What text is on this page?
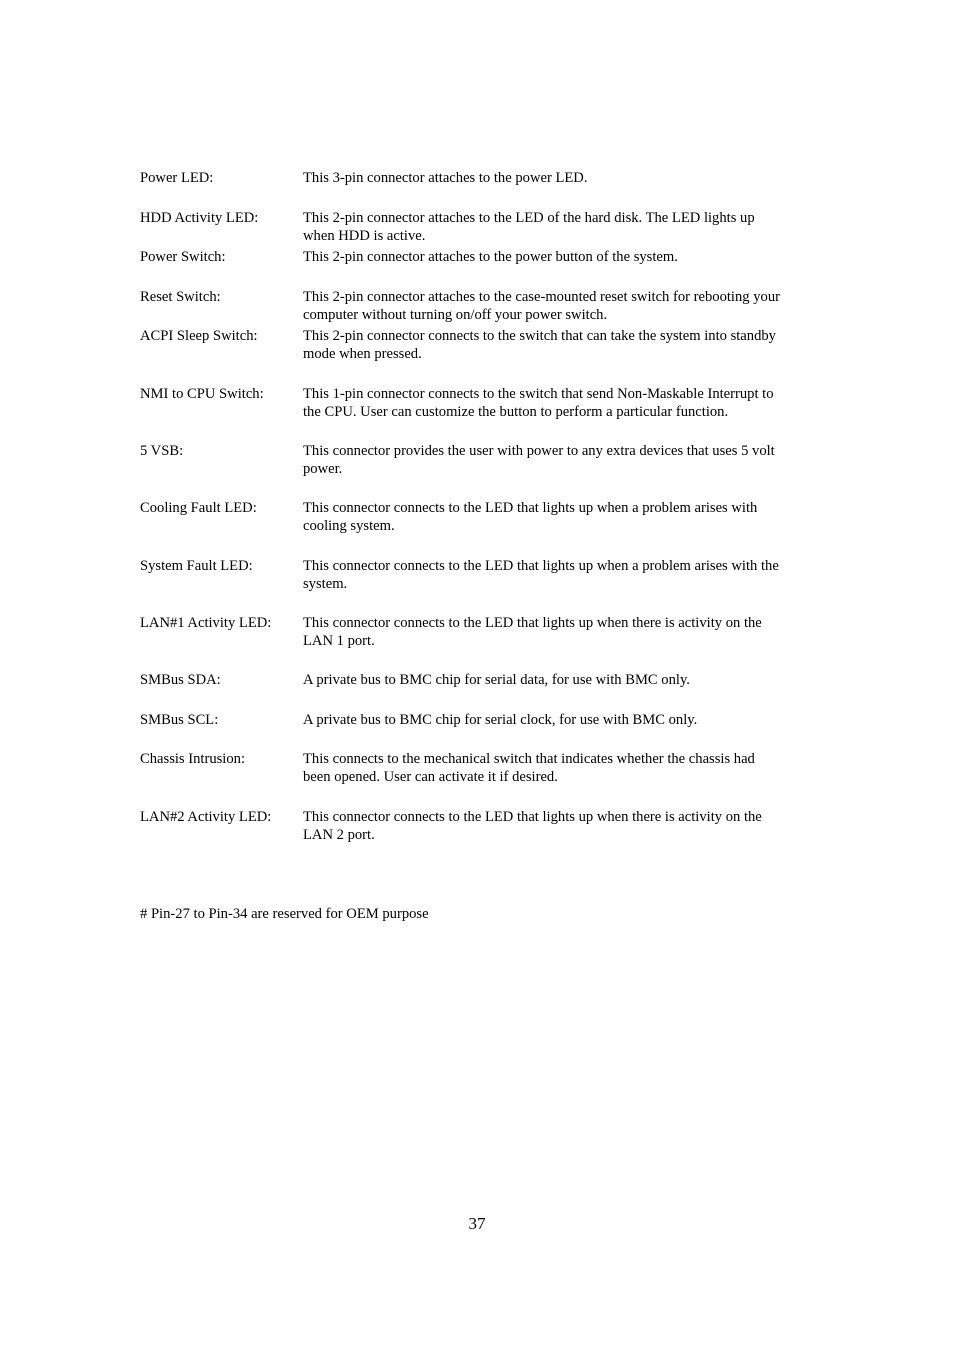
Power LED:	This 3-pin connector attaches to the power LED.
HDD Activity LED:	This 2-pin connector attaches to the LED of the hard disk. The LED lights up
when HDD is active.
Power Switch:	This 2-pin connector attaches to the power button of the system.
Reset Switch:	This 2-pin connector attaches to the case-mounted reset switch for rebooting your
computer without turning on/off your power switch.
ACPI Sleep Switch:	This 2-pin connector connects to the switch that can take the system into standby
mode when pressed.
NMI to CPU Switch:	This 1-pin connector connects to the switch that send Non-Maskable Interrupt to
the CPU. User can customize the button to perform a particular function.
5 VSB:	This connector provides the user with power to any extra devices that uses 5 volt
power.
Cooling Fault LED:	This connector connects to the LED that lights up when a problem arises with
cooling system.
System Fault LED:	This connector connects to the LED that lights up when a problem arises with the
system.
LAN#1 Activity LED: This connector connects to the LED that lights up when there is activity on the
LAN 1 port.
SMBus SDA:	A private bus to BMC chip for serial data, for use with BMC only.
SMBus SCL:	A private bus to BMC chip for serial clock, for use with BMC only.
Chassis Intrusion:	This connects to the mechanical switch that indicates whether the chassis had
been opened. User can activate it if desired.
LAN#2 Activity LED: This connector connects to the LED that lights up when there is activity on the
LAN 2 port.
# Pin-27 to Pin-34 are reserved for OEM purpose
37
